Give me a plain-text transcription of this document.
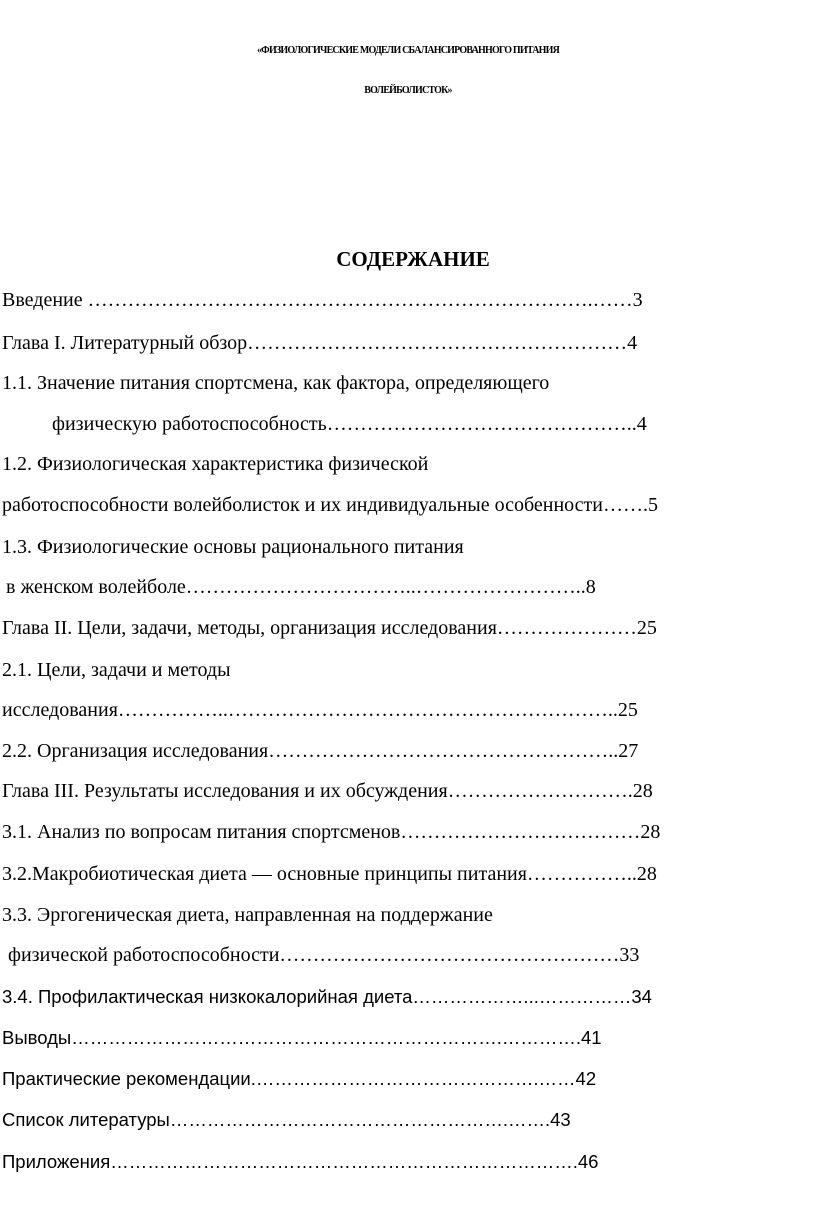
«ФИЗИОЛОГИЧЕСКИЕ МОДЕЛИ СБАЛАНСИРОВАННОГО ПИТАНИЯ
ВОЛЕЙБОЛИСТОК»
СОДЕРЖАНИЕ
Введение ………………………………………………………………….……3
Глава I. Литературный обзор…………………………………………………4
1.1. Значение питания спортсмена, как фактора, определяющего
физическую работоспособность………………………………………..4
1.2. Физиологическая характеристика физической
работоспособности волейболисток и их индивидуальные особенности…….5
1.3. Физиологические основы рационального питания
в женском волейболе……………………………..……………………..8
Глава II. Цели, задачи, методы, организация исследования…………………25
2.1. Цели, задачи и методы
исследования……………..…………………………………………………..25
2.2. Организация исследования……………………………………………..27
Глава III. Результаты исследования и их обсуждения……………………….28
3.1. Анализ по вопросам питания спортсменов………………………………28
3.2.Макробиотическая диета — основные принципы питания……………..28
3.3. Эргогеническая диета, направленная на поддержание
физической работоспособности……………………………………………33
3.4. Профилактическая низкокалорийная диета………………...……………34
Выводы…………………………………………………………….………….41
Практические рекомендации.……………………………………….……42
Список литературы……………………………………………….…….43
Приложения………………………………………………………………….46
